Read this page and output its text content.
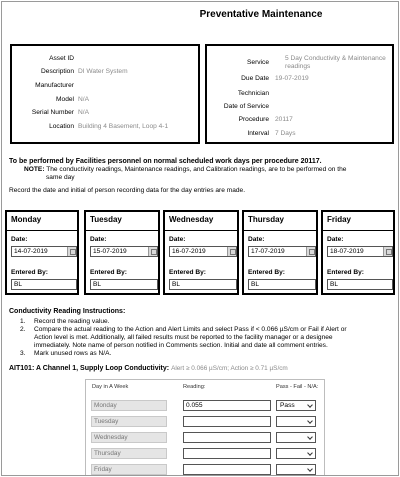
Preventative Maintenance
Asset ID
Description DI Water System
Manufacturer
Model N/A
Serial Number N/A
Location Building 4 Basement, Loop 4-1
Service
5 Day Conductivity & Maintenance
readings
Due Date 19-07-2019
Technician
Date of Service
Procedure 20117
Interval 7 Days
To be performed by Facilities personnel on normal scheduled work days per procedure 20117.
NOTE: The conductivity readings, Maintenance readings, and Calibration readings, are to be performed on the
same day
Record the date and initial of person recording data for the day entries are made.
Monday
Date:
14-07-2019
Entered By:
BL
Tuesday
Date:
15-07-2019
Entered By:
BL
Wednesday
Date:
16-07-2019
Entered By:
BL
Thursday
Date:
17-07-2019
Entered By:
BL
Friday
Date:
18-07-2019
Entered By:
BL
Conductivity Reading Instructions:
1. Record the reading value.
2. Compare the actual reading to the Action and Alert Limits and select Pass if < 0.066 µS/cm or Fail if Alert or
Action level is met. Additionally, all failed results must be reported to the facility manager or a designee
immediately. Note name of person notified in Comments section. Initial and date all comment entries.
3. Mark unused rows as N/A.
AIT101: A Channel 1, Supply Loop Conductivity: Alert ≥ 0.066 µS/cm; Action ≥ 0.71 µS/cm
Day in A Week	Reading:	Pass - Fail - N/A:
Monday	0.055	Pass
Tuesday
Wednesday
Thursday
Friday
